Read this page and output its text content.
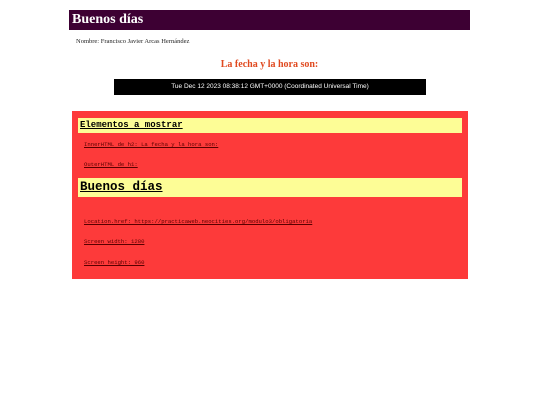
Buenos días
Nombre: Francisco Javier Arcas Hernández
La fecha y la hora son:
Tue Dec 12 2023 08:38:12 GMT+0000 (Coordinated Universal Time)
Elementos a mostrar
InnerHTML de h2: La fecha y la hora son:
OuterHTML de h1:
Buenos días
Location.href: https://practicaweb.neocities.org/modulo3/obligatoria
Screen width: 1280
Screen height: 960
